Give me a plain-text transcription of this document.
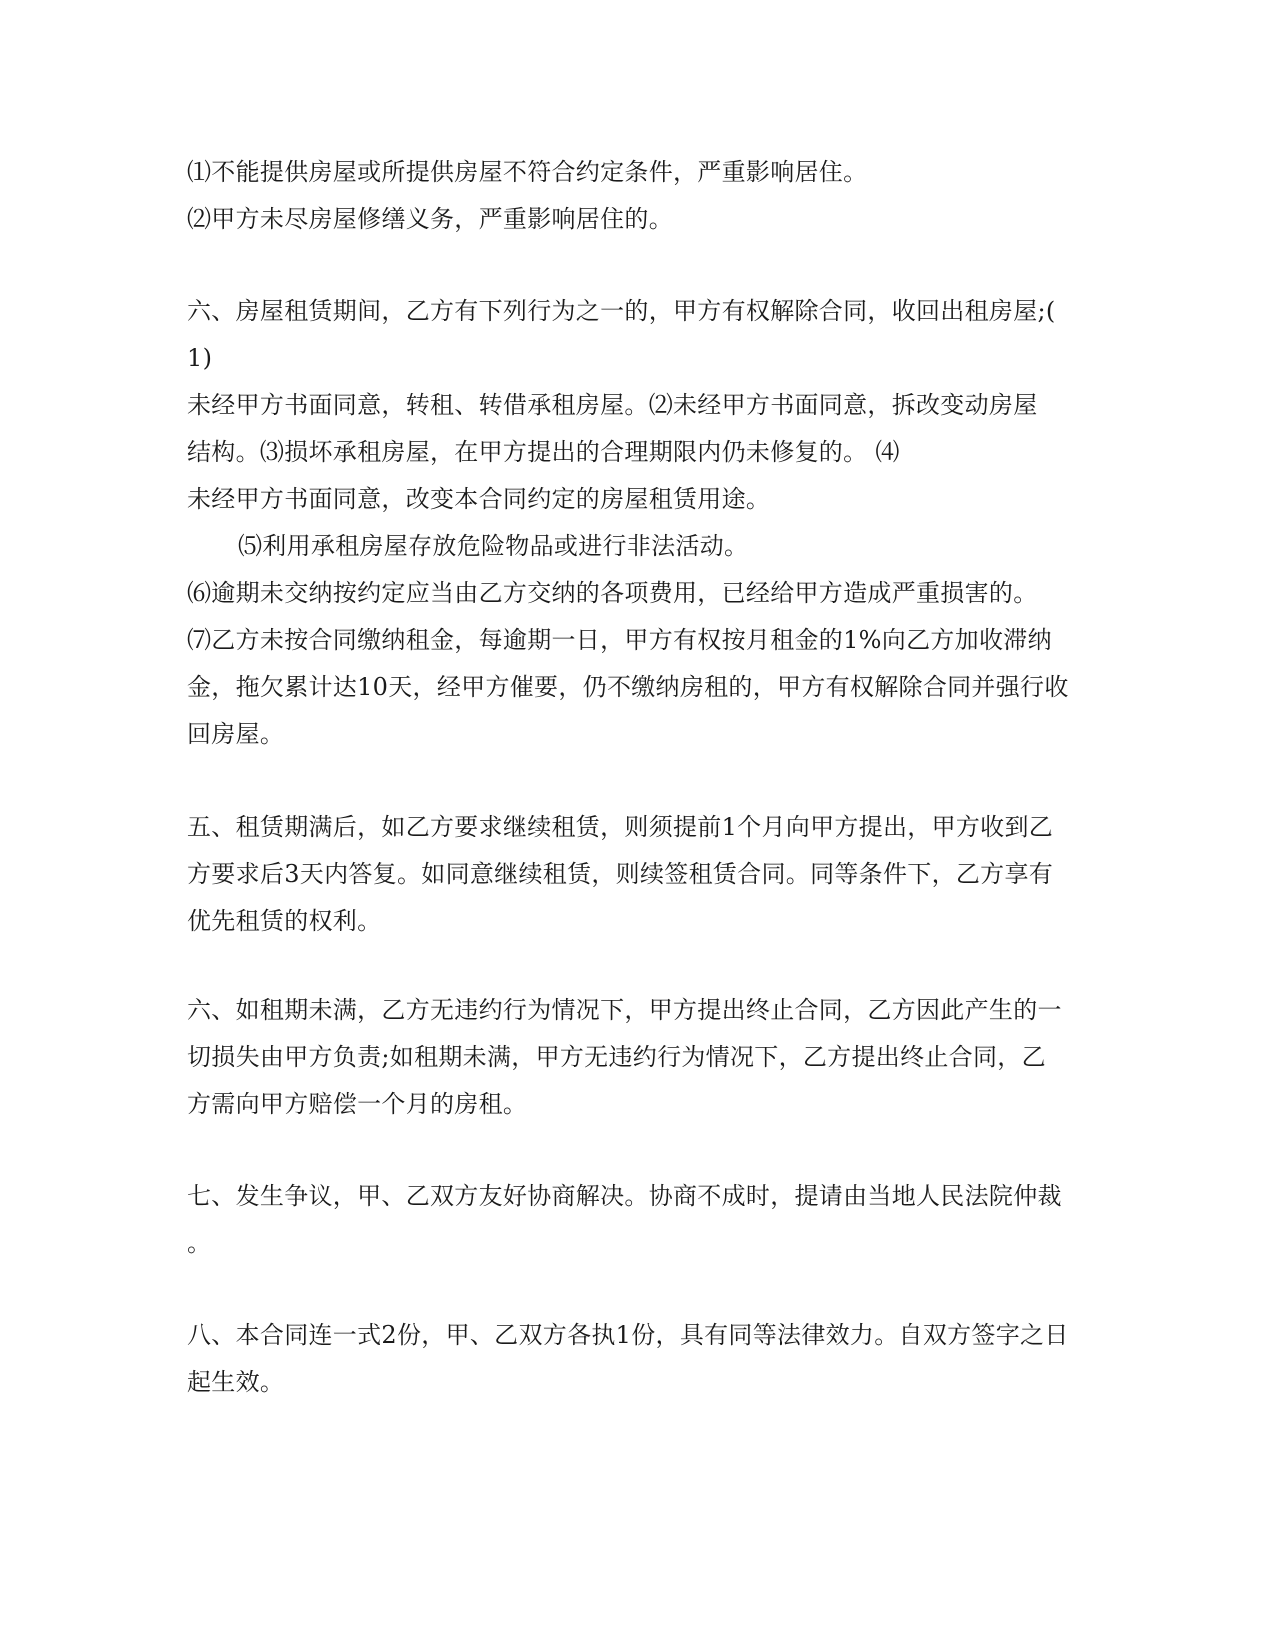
⑴不能提供房屋或所提供房屋不符合约定条件，严重影响居住。
⑵甲方未尽房屋修缮义务，严重影响居住的。
六、房屋租赁期间，乙方有下列行为之一的，甲方有权解除合同，收回出租房屋;(
1)
未经甲方书面同意，转租、转借承租房屋。⑵未经甲方书面同意，拆改变动房屋
结构。⑶损坏承租房屋，在甲方提出的合理期限内仍未修复的。 ⑷
未经甲方书面同意，改变本合同约定的房屋租赁用途。
⑸利用承租房屋存放危险物品或进行非法活动。
⑹逾期未交纳按约定应当由乙方交纳的各项费用，已经给甲方造成严重损害的。
⑺乙方未按合同缴纳租金，每逾期一日，甲方有权按月租金的1%向乙方加收滞纳
金，拖欠累计达10天，经甲方催要，仍不缴纳房租的，甲方有权解除合同并强行收
回房屋。
五、租赁期满后，如乙方要求继续租赁，则须提前1个月向甲方提出，甲方收到乙
方要求后3天内答复。如同意继续租赁，则续签租赁合同。同等条件下，乙方享有
优先租赁的权利。
六、如租期未满，乙方无违约行为情况下，甲方提出终止合同，乙方因此产生的一
切损失由甲方负责;如租期未满，甲方无违约行为情况下，乙方提出终止合同，乙
方需向甲方赔偿一个月的房租。
七、发生争议，甲、乙双方友好协商解决。协商不成时，提请由当地人民法院仲裁
。
八、本合同连一式2份，甲、乙双方各执1份，具有同等法律效力。自双方签字之日
起生效。
